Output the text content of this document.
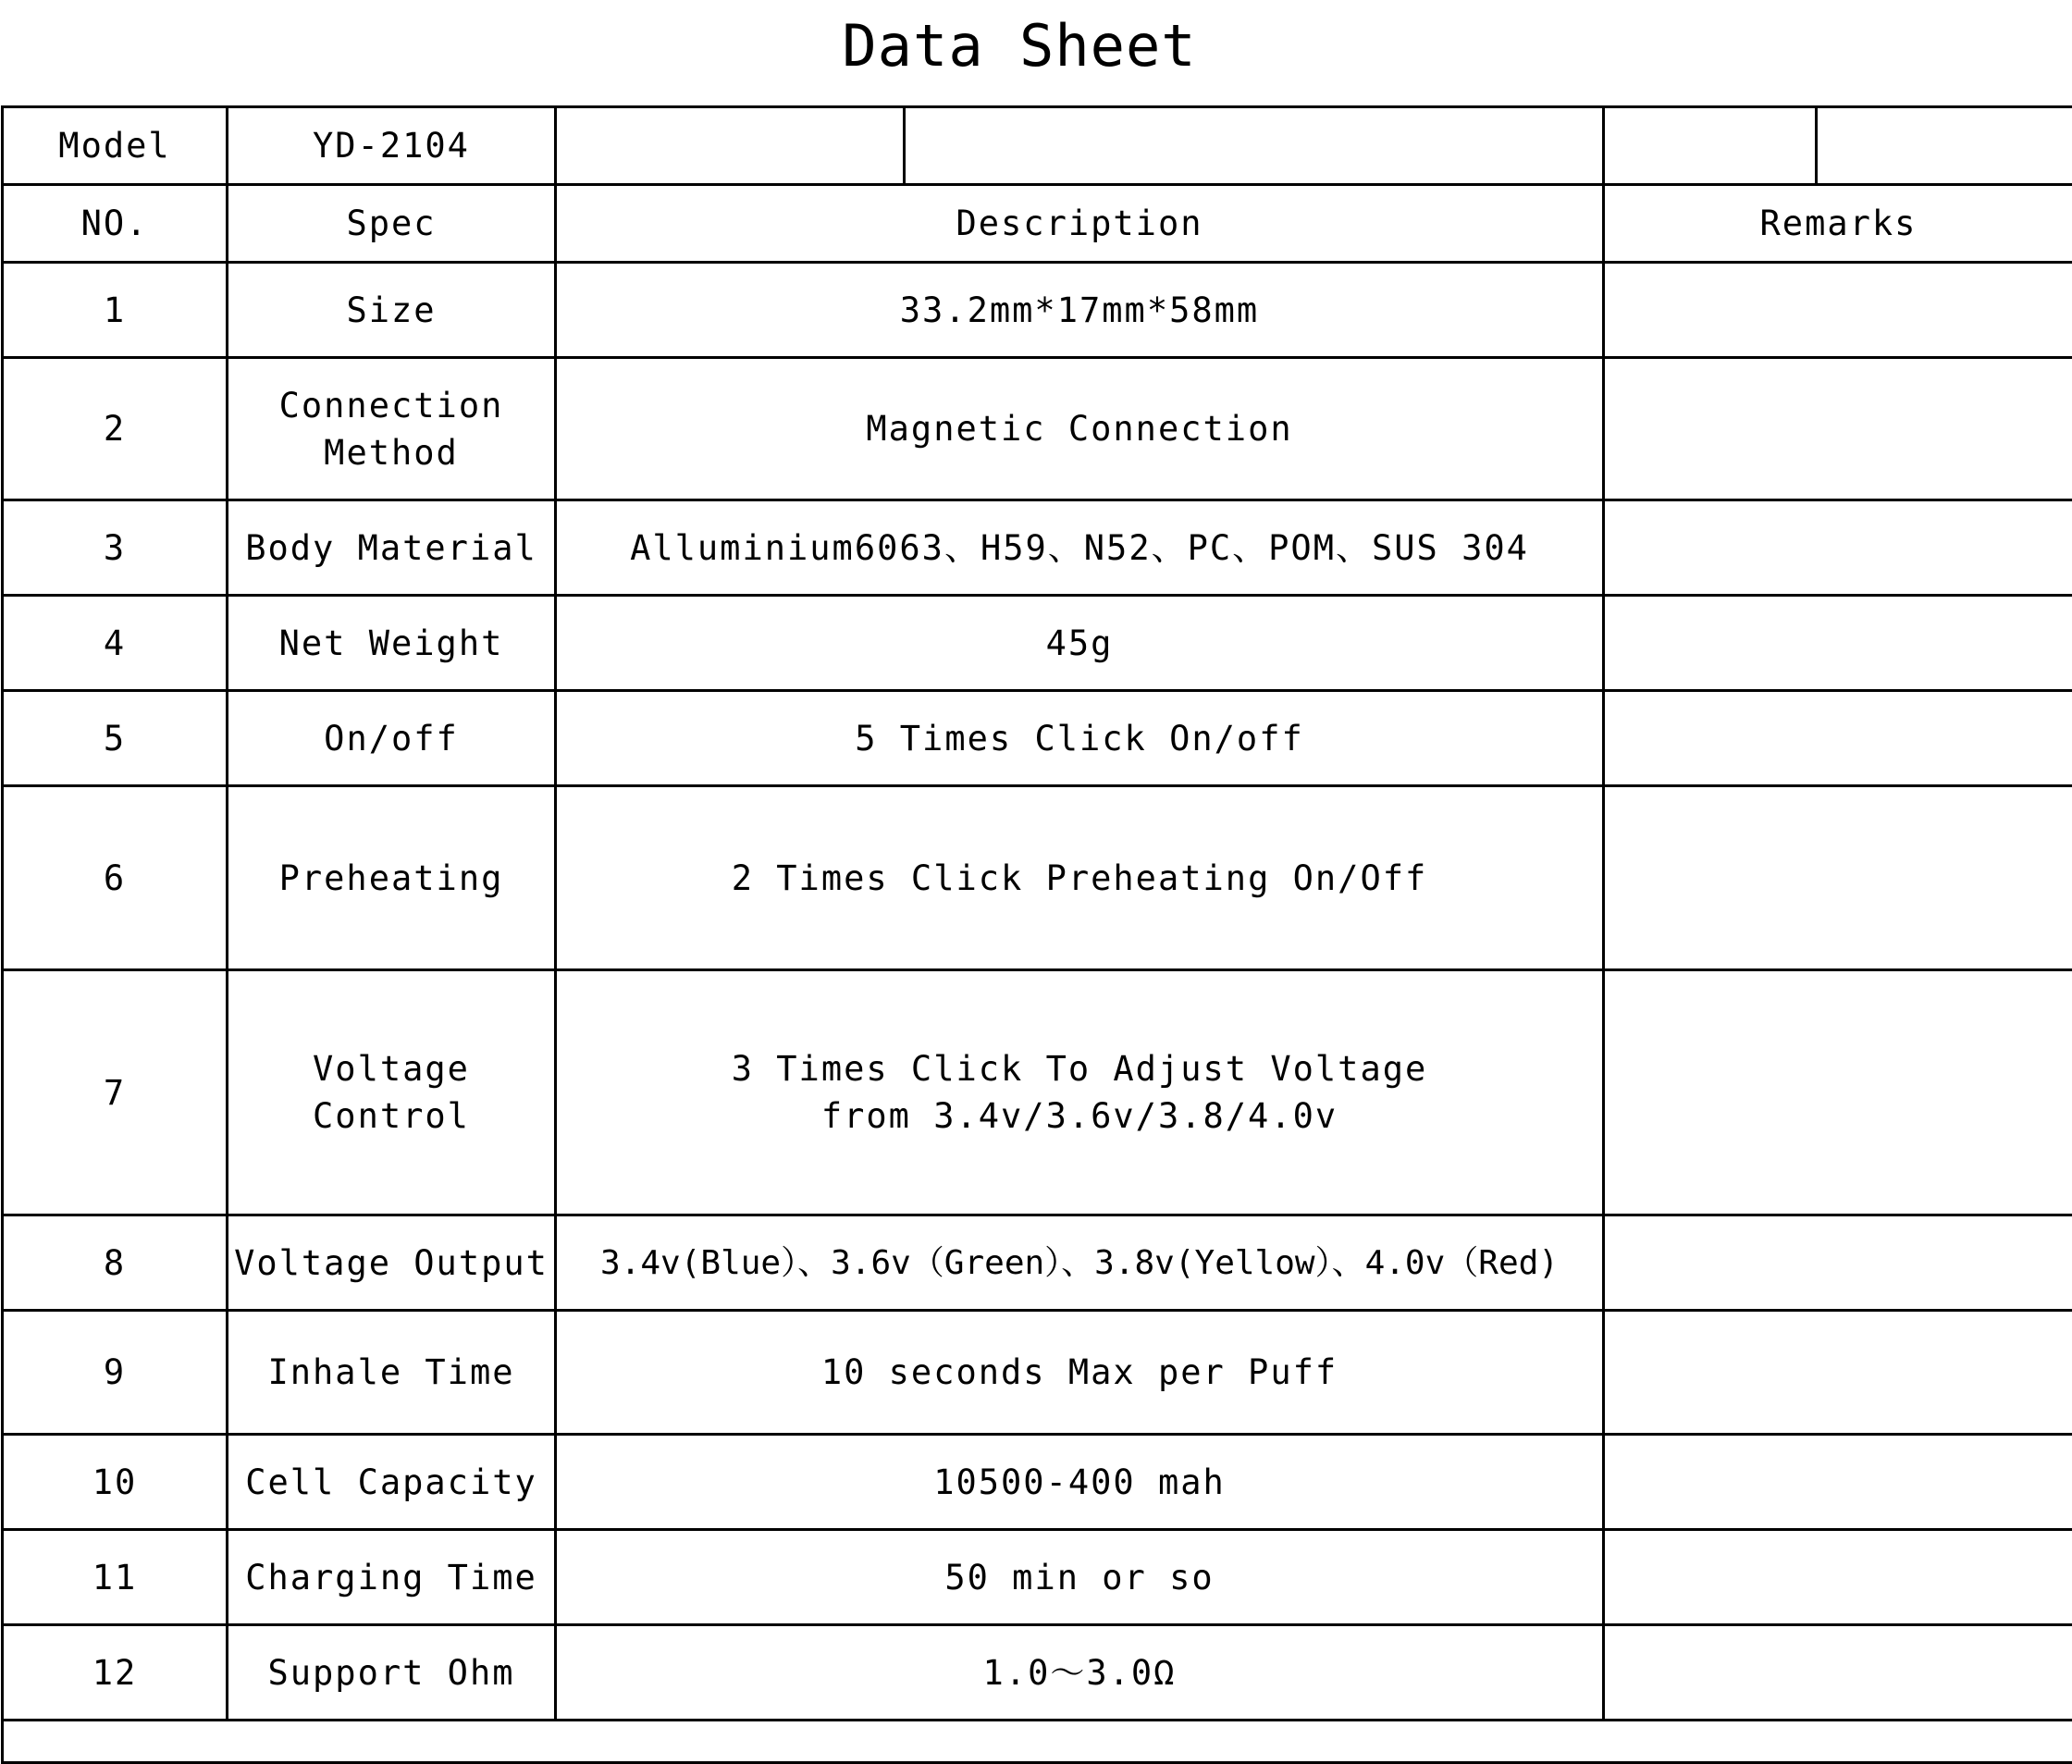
Data Sheet
Model	YD-2104				
NO.	Spec	Description		Remarks	
1	Size	33.2mm*17mm*58mm			
2	Connection Method	Magnetic Connection			
3	Body Material	Alluminium6063、H59、N52、PC、POM、SUS 304			
4	Net Weight	45g			
5	On/off	5 Times Click On/off			
6	Preheating	2 Times Click Preheating On/Off			
7	Voltage Control	3 Times Click To Adjust Voltage from 3.4v/3.6v/3.8/4.0v			
8	Voltage Output	3.4v(Blue）、3.6v（Green）、3.8v(Yellow）、4.0v（Red)			
9	Inhale Time	10 seconds Max per Puff			
10	Cell Capacity	10500-400 mah			
11	Charging Time	50 min or so			
12	Support Ohm	1.0～3.0Ω			
